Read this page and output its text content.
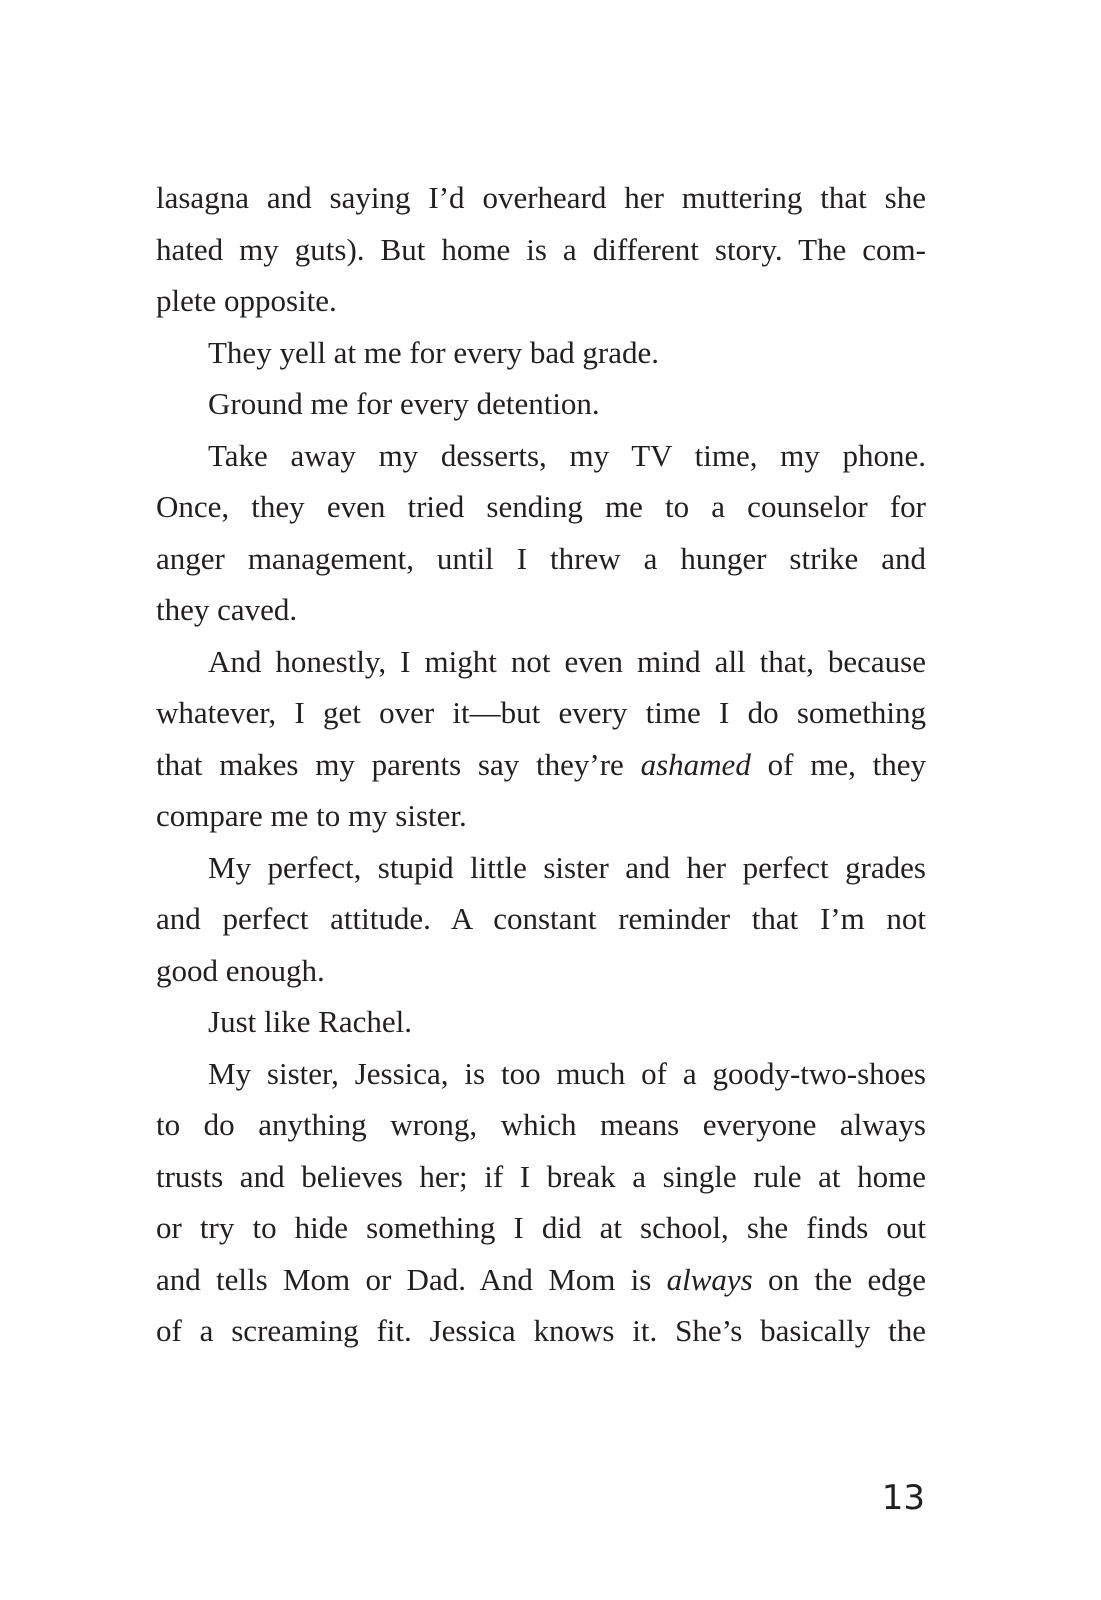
lasagna and saying I’d overheard her muttering that she
hated my guts). But home is a different story. The com-
plete opposite.
They yell at me for every bad grade.
Ground me for every detention.
Take away my desserts, my TV time, my phone.
Once, they even tried sending me to a counselor for
anger management, until I threw a hunger strike and
they caved.
And honestly, I might not even mind all that, because
whatever, I get over it—but every time I do something
that makes my parents say they’re ashamed of me, they
compare me to my sister.
My perfect, stupid little sister and her perfect grades
and perfect attitude. A constant reminder that I’m not
good enough.
Just like Rachel.
My sister, Jessica, is too much of a goody-two-shoes
to do anything wrong, which means everyone always
trusts and believes her; if I break a single rule at home
or try to hide something I did at school, she finds out
and tells Mom or Dad. And Mom is always on the edge
of a screaming fit. Jessica knows it. She’s basically the
13
